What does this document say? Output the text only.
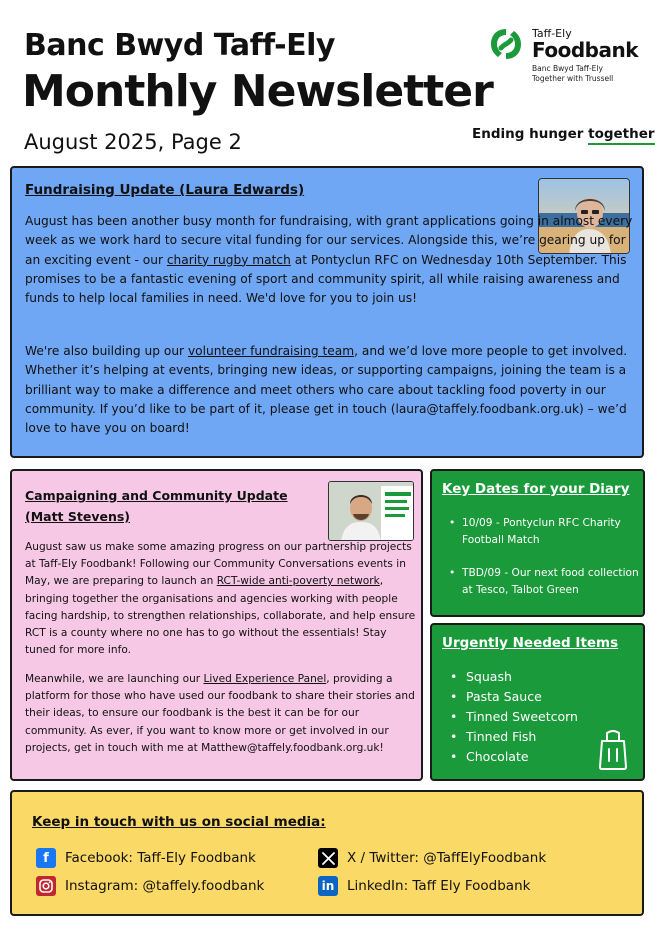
Banc Bwyd Taff-Ely
Monthly Newsletter
August 2025, Page 2
Taff-Ely
Foodbank
Banc Bwyd Taff-Ely
Together with Trussell
Ending hunger together
Fundraising Update (Laura Edwards)
August has been another busy month for fundraising, with grant applications going in almost every week as we work hard to secure vital funding for our services. Alongside this, we’re gearing up for an exciting event - our charity rugby match at Pontyclun RFC on Wednesday 10th September. This promises to be a fantastic evening of sport and community spirit, all while raising awareness and funds to help local families in need. We'd love for you to join us!
We're also building up our volunteer fundraising team, and we’d love more people to get involved. Whether it’s helping at events, bringing new ideas, or supporting campaigns, joining the team is a brilliant way to make a difference and meet others who care about tackling food poverty in our community. If you’d like to be part of it, please get in touch (laura@taffely.foodbank.org.uk) – we’d love to have you on board!
Campaigning and Community Update (Matt Stevens)
August saw us make some amazing progress on our partnership projects at Taff-Ely Foodbank! Following our Community Conversations events in May, we are preparing to launch an RCT-wide anti-poverty network, bringing together the organisations and agencies working with people facing hardship, to strengthen relationships, collaborate, and help ensure RCT is a county where no one has to go without the essentials! Stay tuned for more info.
Meanwhile, we are launching our Lived Experience Panel, providing a platform for those who have used our foodbank to share their stories and their ideas, to ensure our foodbank is the best it can be for our community. As ever, if you want to know more or get involved in our projects, get in touch with me at Matthew@taffely.foodbank.org.uk!
Key Dates for your Diary
• 10/09 - Pontyclun RFC Charity Football Match
• TBD/09 - Our next food collection at Tesco, Talbot Green
Urgently Needed Items
• Squash
• Pasta Sauce
• Tinned Sweetcorn
• Tinned Fish
• Chocolate
Keep in touch with us on social media:
f	Facebook: Taff-Ely Foodbank
Instagram: @taffely.foodbank
X / Twitter: @TaffElyFoodbank
in LinkedIn: Taff Ely Foodbank
